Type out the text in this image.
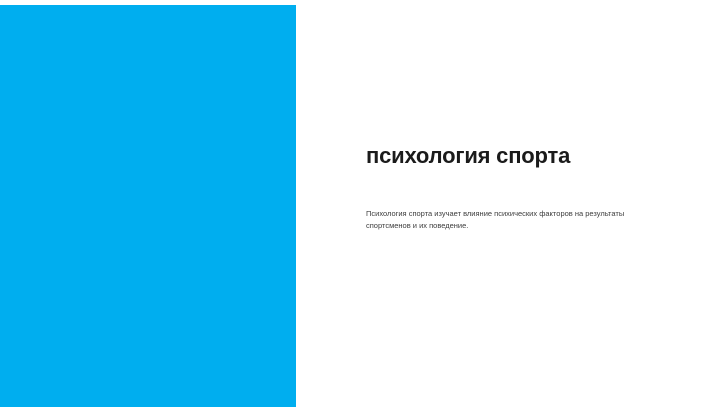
психология спорта

Психология спорта изучает влияние психических факторов на результаты спортсменов и их поведение.
